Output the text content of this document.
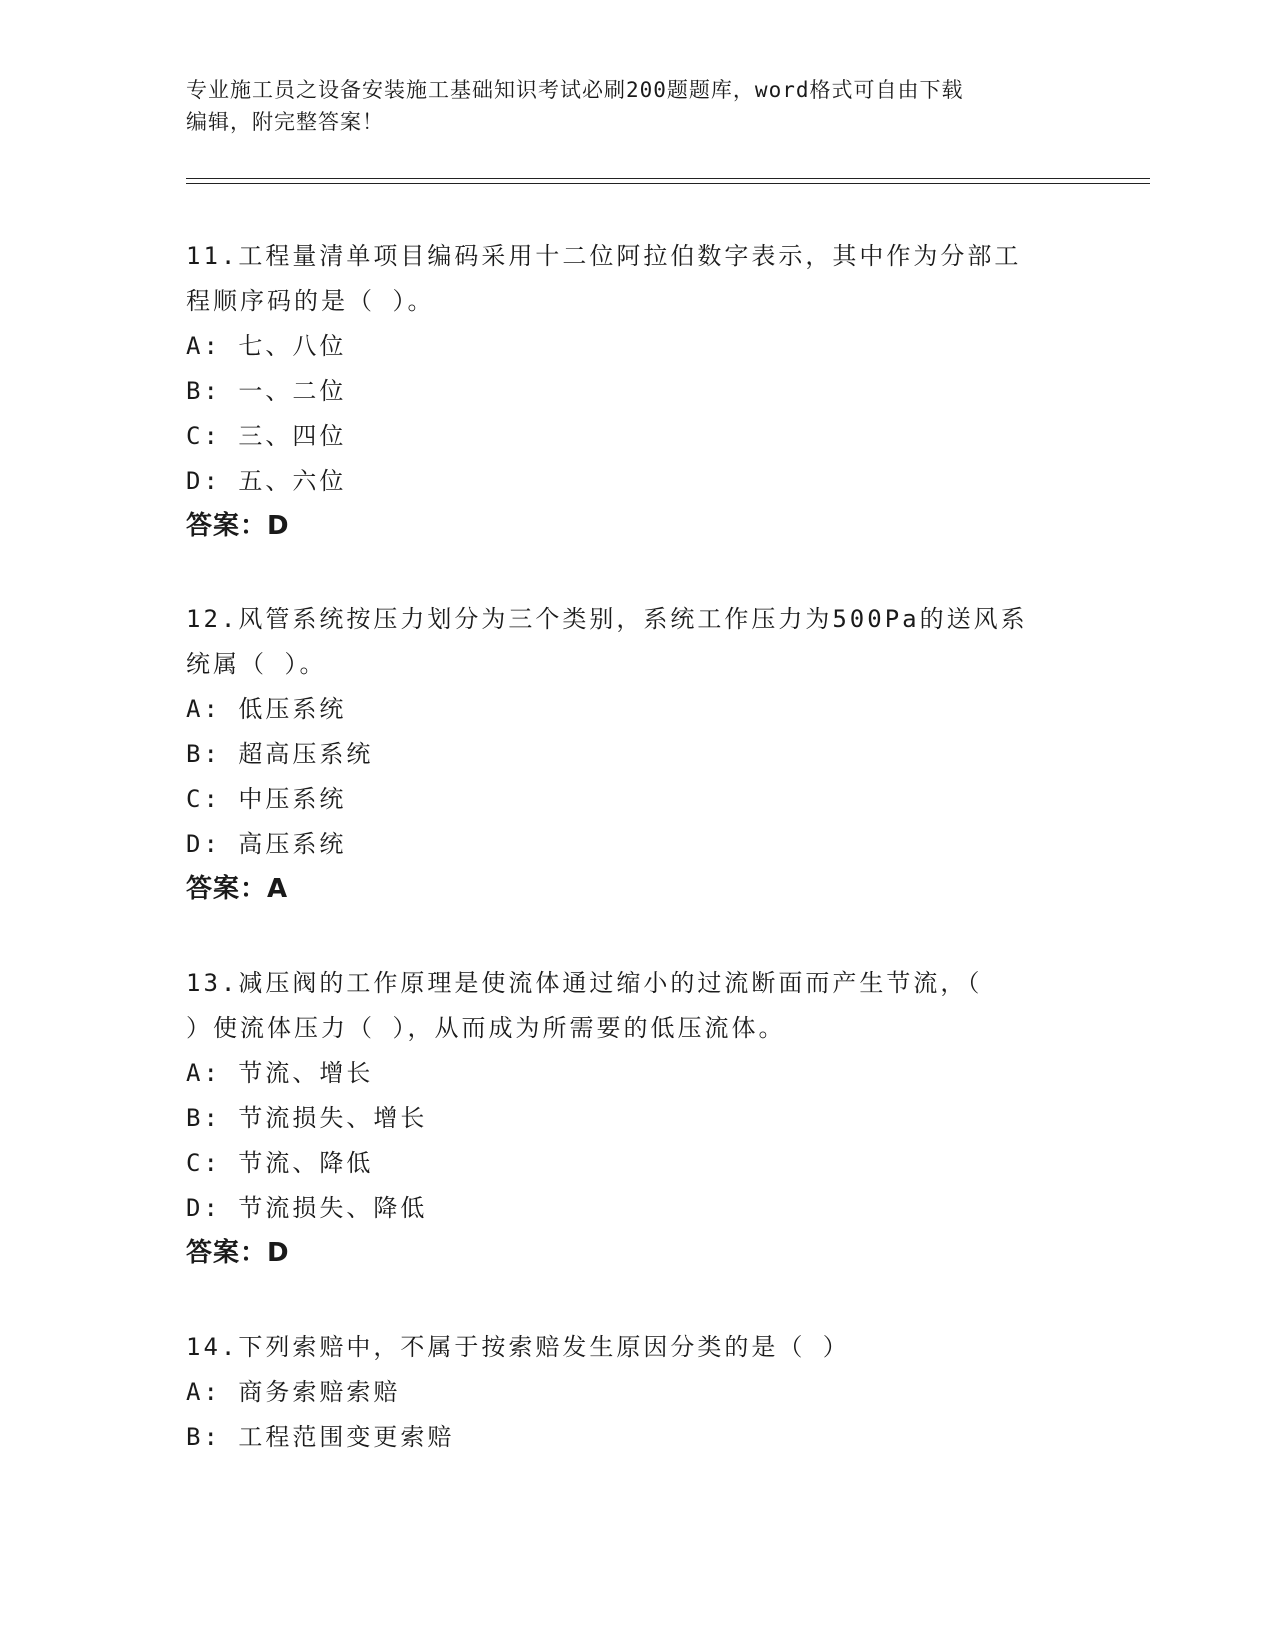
专业施工员之设备安装施工基础知识考试必刷200题题库，word格式可自由下载
编辑，附完整答案！
11.工程量清单项目编码采用十二位阿拉伯数字表示，其中作为分部工
程顺序码的是（ ）。
A: 七、八位
B: 一、二位
C: 三、四位
D: 五、六位
答案：D
12.风管系统按压力划分为三个类别，系统工作压力为500Pa的送风系
统属（ ）。
A: 低压系统
B: 超高压系统
C: 中压系统
D: 高压系统
答案：A
13.减压阀的工作原理是使流体通过缩小的过流断面而产生节流，（
）使流体压力（ ），从而成为所需要的低压流体。
A: 节流、增长
B: 节流损失、增长
C: 节流、降低
D: 节流损失、降低
答案：D
14.下列索赔中，不属于按索赔发生原因分类的是（ ）
A: 商务索赔索赔
B: 工程范围变更索赔
